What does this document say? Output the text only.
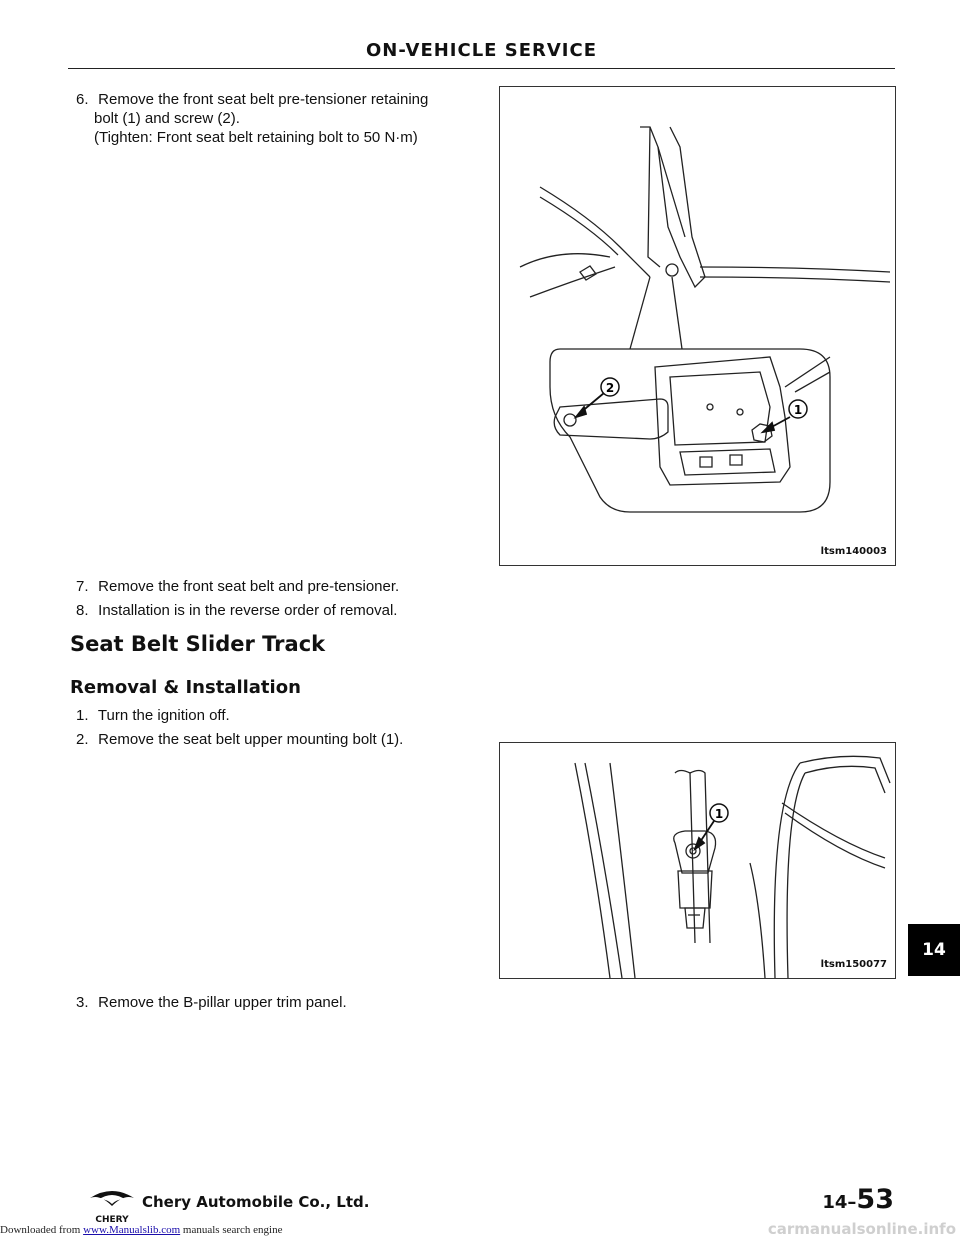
ON-VEHICLE SERVICE
6. Remove the front seat belt pre-tensioner retaining
bolt (1) and screw (2).
(Tighten: Front seat belt retaining bolt to 50 N·m)
2
1
ltsm140003
7. Remove the front seat belt and pre-tensioner.
8. Installation is in the reverse order of removal.
Seat Belt Slider Track
Removal & Installation
1. Turn the ignition off.
2. Remove the seat belt upper mounting bolt (1).
1
ltsm150077
3. Remove the B-pillar upper trim panel.
14
CHERY
Chery Automobile Co., Ltd.	14–53
Downloaded from www.Manualslib.com manuals search engine	carmanualsonline.info
